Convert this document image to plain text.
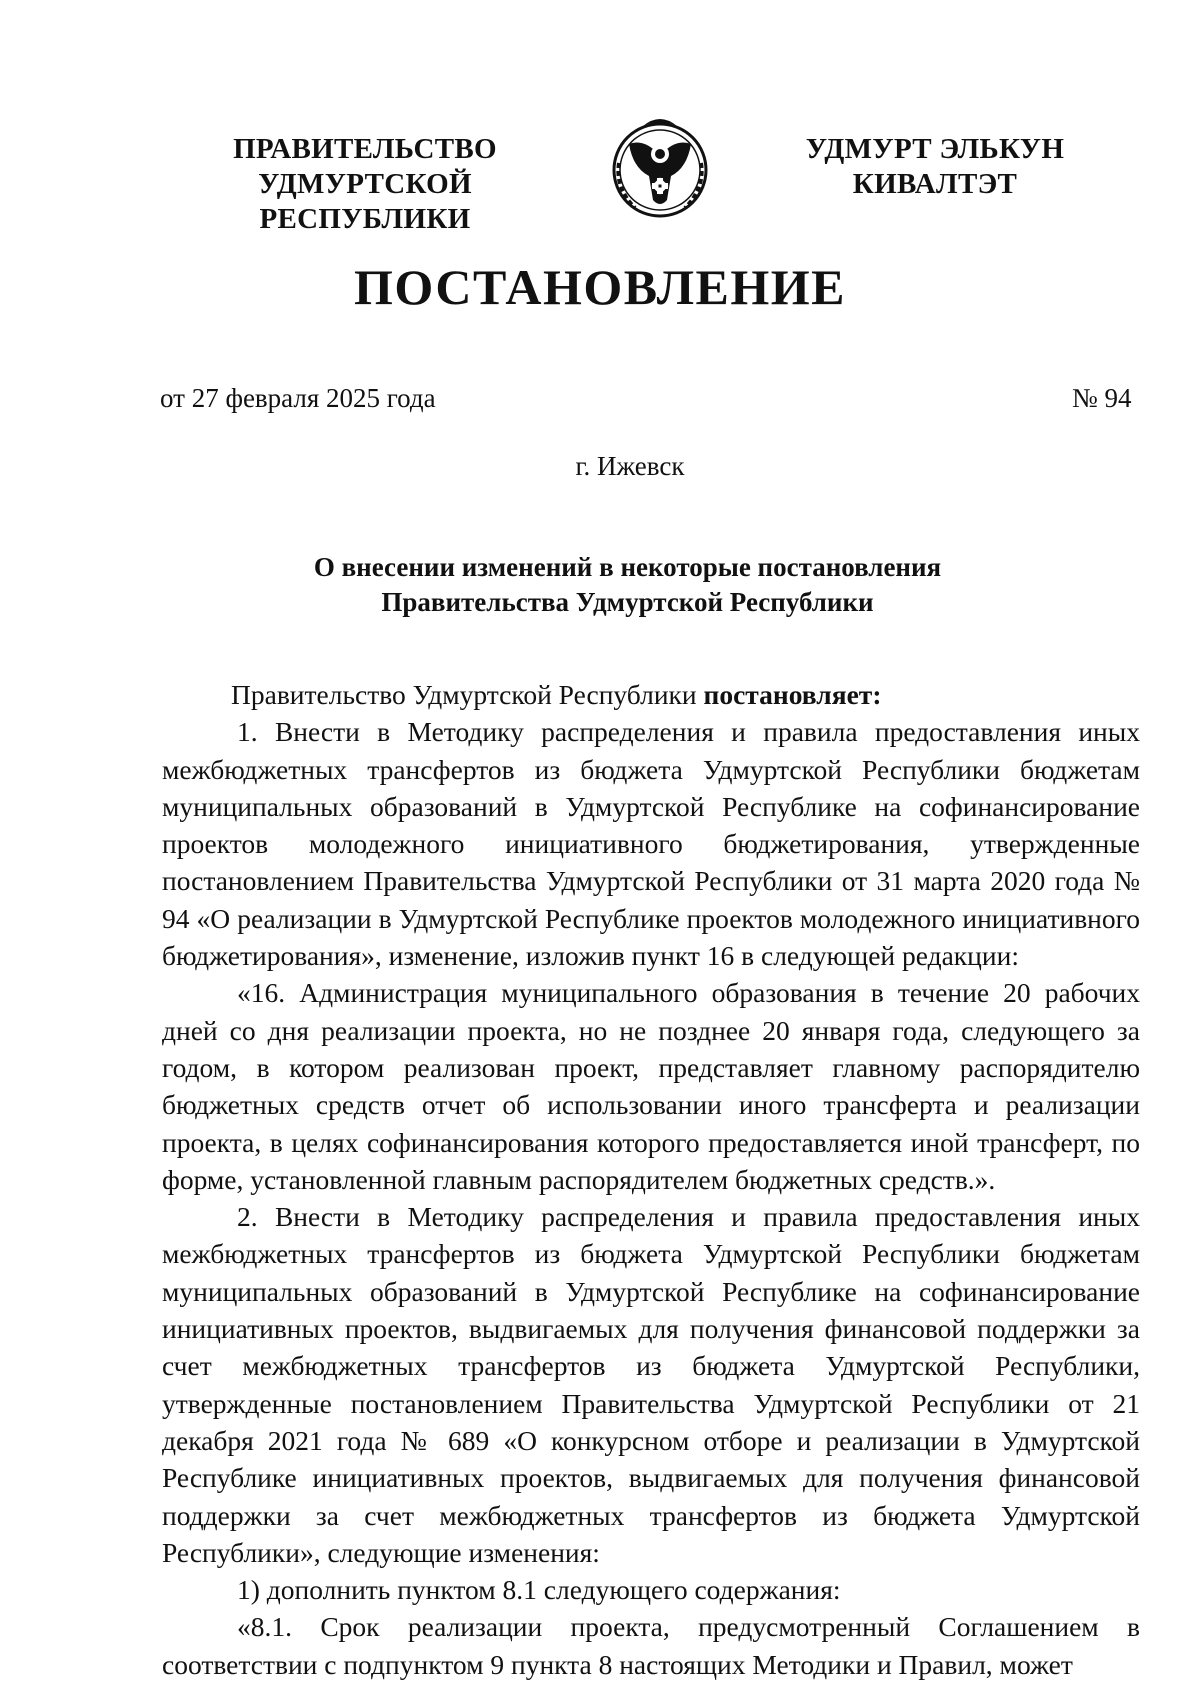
ПРАВИТЕЛЬСТВО
УДМУРТСКОЙ РЕСПУБЛИКИ
УДМУРТ ЭЛЬКУН
КИВАЛТЭТ
ПОСТАНОВЛЕНИЕ
от 27 февраля 2025 года	№ 94
г. Ижевск
О внесении изменений в некоторые постановления
Правительства Удмуртской Республики

Правительство Удмуртской Республики постановляет:

1. Внести в Методику распределения и правила предоставления иных межбюджетных трансфертов из бюджета Удмуртской Республики бюджетам муниципальных образований в Удмуртской Республике на софинансирование проектов молодежного инициативного бюджетирования, утвержденные постановлением Правительства Удмуртской Республики от 31 марта 2020 года № 94 «О реализации в Удмуртской Республике проектов молодежного инициативного бюджетирования», изменение, изложив пункт 16 в следующей редакции:

«16. Администрация муниципального образования в течение 20 рабочих дней со дня реализации проекта, но не позднее 20 января года, следующего за годом, в котором реализован проект, представляет главному распорядителю бюджетных средств отчет об использовании иного трансферта и реализации проекта, в целях софинансирования которого предоставляется иной трансферт, по форме, установленной главным распорядителем бюджетных средств.».

2. Внести в Методику распределения и правила предоставления иных межбюджетных трансфертов из бюджета Удмуртской Республики бюджетам муниципальных образований в Удмуртской Республике на софинансирование инициативных проектов, выдвигаемых для получения финансовой поддержки за счет межбюджетных трансфертов из бюджета Удмуртской Республики, утвержденные постановлением Правительства Удмуртской Республики от 21 декабря 2021 года № 689 «О конкурсном отборе и реализации в Удмуртской Республике инициативных проектов, выдвигаемых для получения финансовой поддержки за счет межбюджетных трансфертов из бюджета Удмуртской Республики», следующие изменения:

1) дополнить пунктом 8.1 следующего содержания:

«8.1. Срок реализации проекта, предусмотренный Соглашением в соответствии с подпунктом 9 пункта 8 настоящих Методики и Правил, может
